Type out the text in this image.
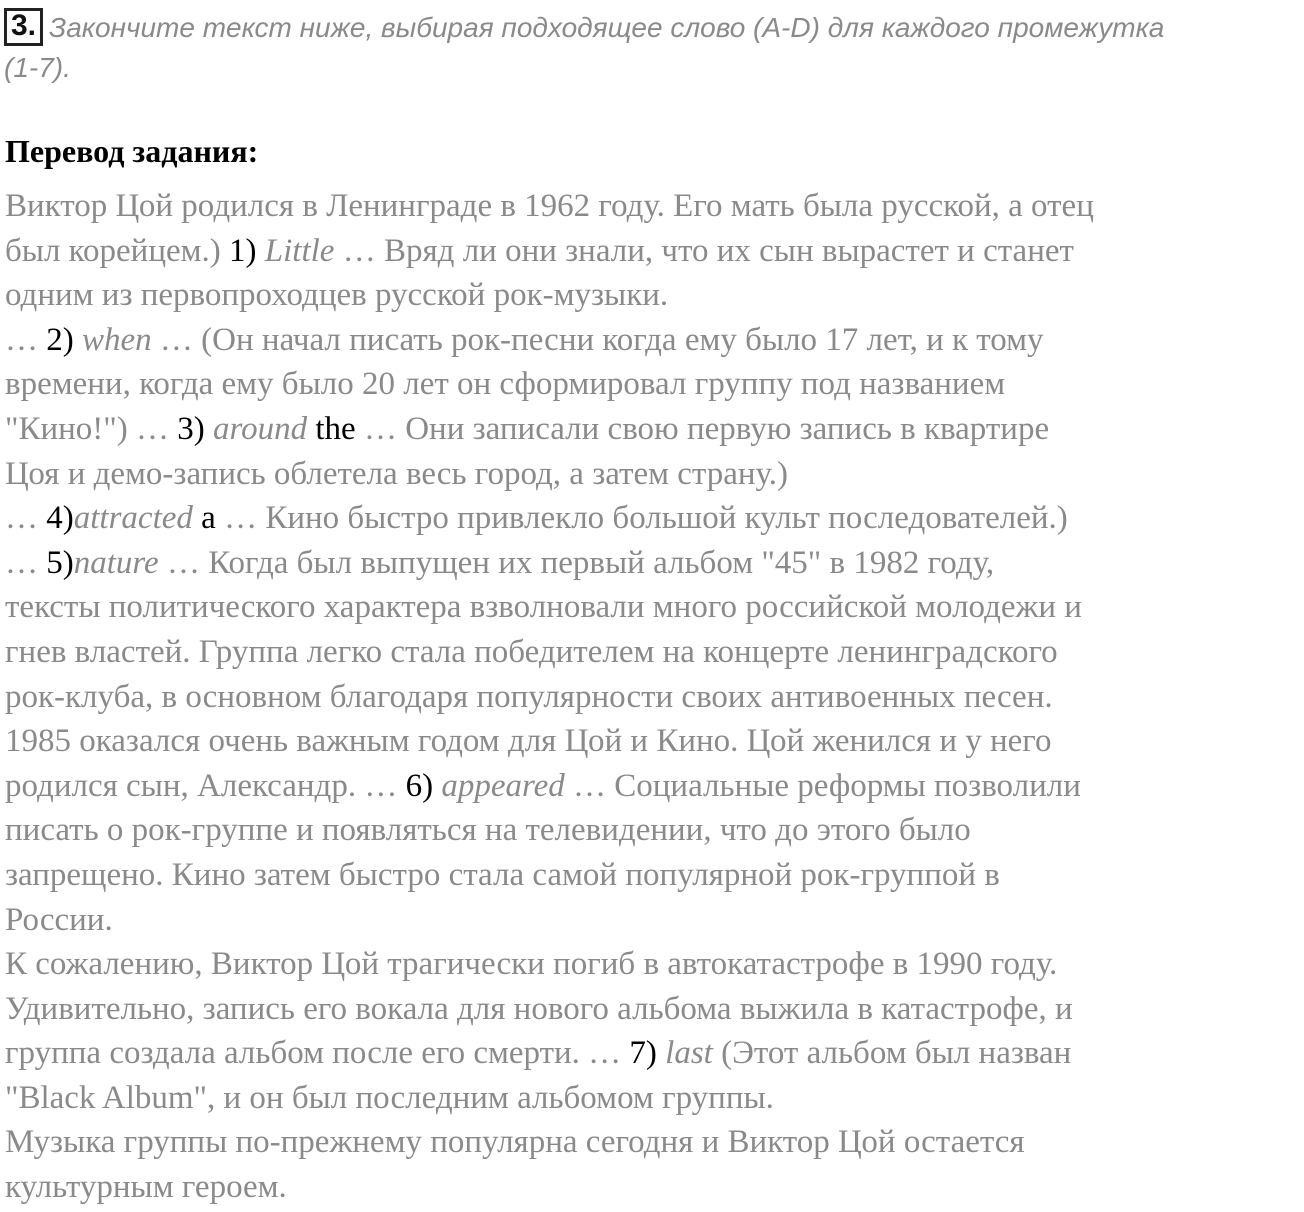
3. Закончите текст ниже, выбирая подходящее слово (A-D) для каждого промежутка
(1-7).
Перевод задания:
Виктор Цой родился в Ленинграде в 1962 году. Его мать была русской, а отец
был корейцем.) 1) Little … Вряд ли они знали, что их сын вырастет и станет
одним из первопроходцев русской рок-музыки.
… 2) when … (Он начал писать рок-песни когда ему было 17 лет, и к тому
времени, когда ему было 20 лет он сформировал группу под названием
"Кино!") … 3) around the … Они записали свою первую запись в квартире
Цоя и демо-запись облетела весь город, а затем страну.)
… 4)attracted a … Кино быстро привлекло большой культ последователей.)
… 5)nature … Когда был выпущен их первый альбом "45" в 1982 году,
тексты политического характера взволновали много российской молодежи и
гнев властей. Группа легко стала победителем на концерте ленинградского
рок-клуба, в основном благодаря популярности своих антивоенных песен.
1985 оказался очень важным годом для Цой и Кино. Цой женился и у него
родился сын, Александр. … 6) appeared … Социальные реформы позволили
писать о рок-группе и появляться на телевидении, что до этого было
запрещено. Кино затем быстро стала самой популярной рок-группой в
России.
К сожалению, Виктор Цой трагически погиб в автокатастрофе в 1990 году.
Удивительно, запись его вокала для нового альбома выжила в катастрофе, и
группа создала альбом после его смерти. … 7) last (Этот альбом был назван
"Black Album", и он был последним альбомом группы.
Музыка группы по-прежнему популярна сегодня и Виктор Цой остается
культурным героем.
